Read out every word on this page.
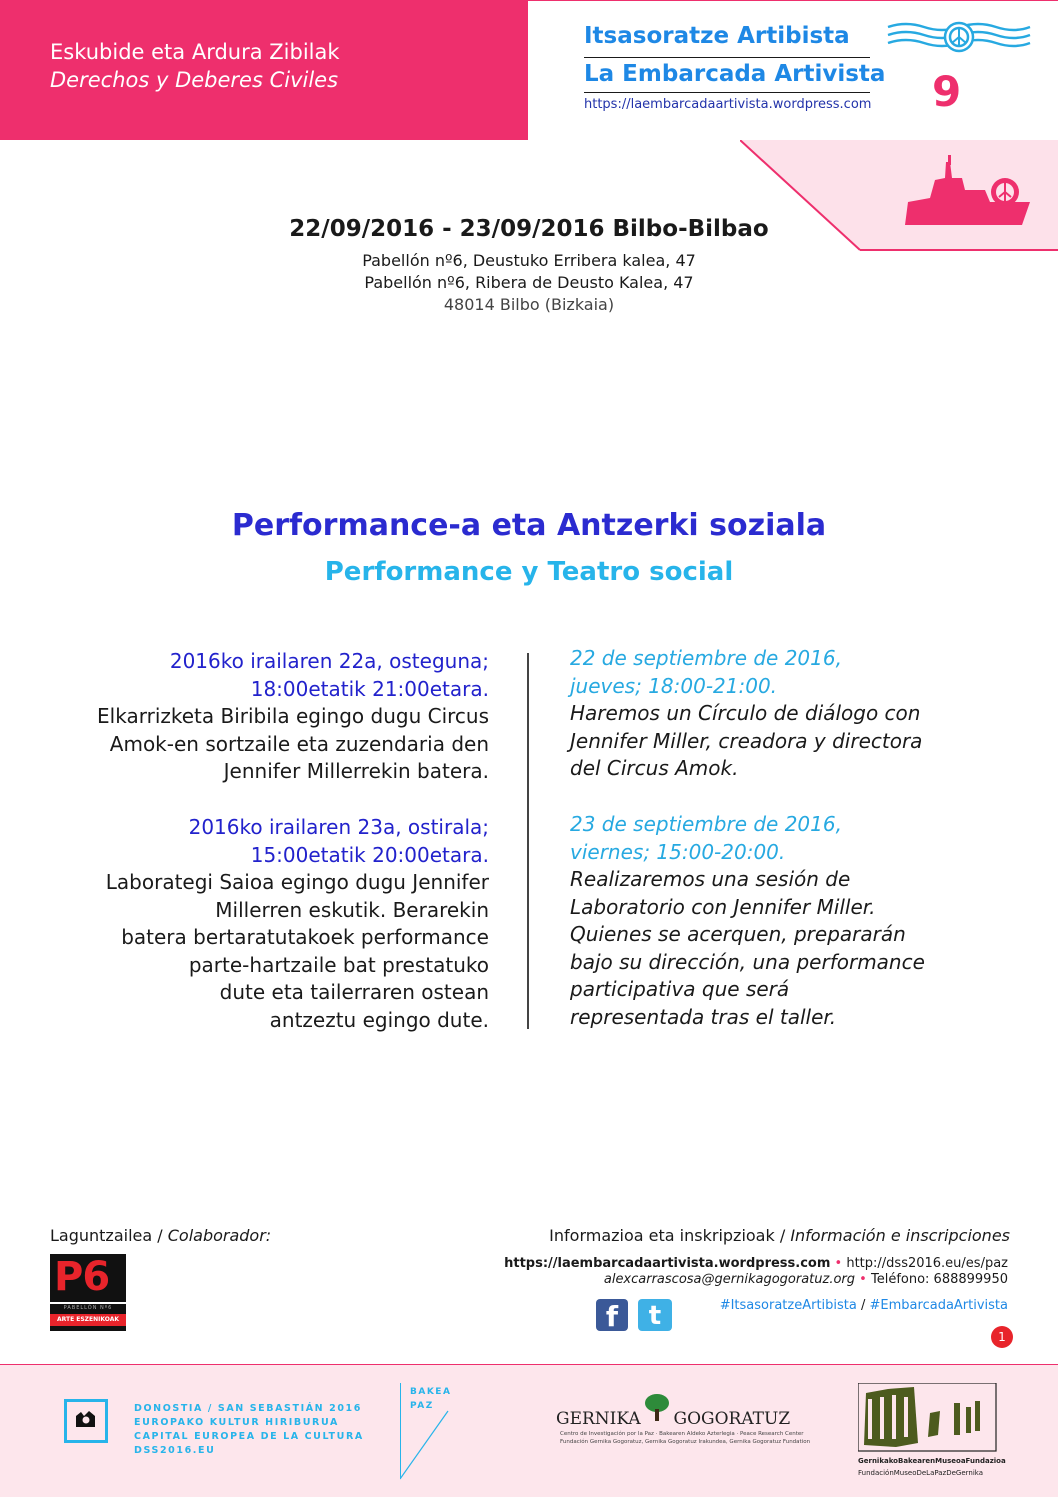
Eskubide eta Ardura Zibilak
Derechos y Deberes Civiles
Itsasoratze Artibista
La Embarcada Artivista
https://laembarcadaartivista.wordpress.com 9
22/09/2016 - 23/09/2016 Bilbo-Bilbao
Pabellón nº6, Deustuko Erribera kalea, 47
Pabellón nº6, Ribera de Deusto Kalea, 47
48014 Bilbo (Bizkaia)
Performance-a eta Antzerki soziala
Performance y Teatro social
2016ko irailaren 22a, osteguna;
18:00etatik 21:00etara.
Elkarrizketa Biribila egingo dugu Circus
Amok-en sortzaile eta zuzendaria den
Jennifer Millerrekin batera.
2016ko irailaren 23a, ostirala;
15:00etatik 20:00etara.
Laborategi Saioa egingo dugu Jennifer
Millerren eskutik. Berarekin
batera bertaratutakoek performance
parte-hartzaile bat prestatuko
dute eta tailerraren ostean
antzeztu egingo dute.
22 de septiembre de 2016,
jueves; 18:00-21:00.
Haremos un Círculo de diálogo con
Jennifer Miller, creadora y directora
del Circus Amok.
23 de septiembre de 2016,
viernes; 15:00-20:00.
Realizaremos una sesión de
Laboratorio con Jennifer Miller.
Quienes se acerquen, prepararán
bajo su dirección, una performance
participativa que será
representada tras el taller.
Laguntzailea / Colaborador:
P6
PABELLÓN Nº6
ARTE ESZENIKOAK
Informazioa eta inskripzioak / Información e inscripciones
https://laembarcadaartivista.wordpress.com • http://dss2016.eu/es/paz
alexcarrascosa@gernikagogoratuz.org • Teléfono: 688899950
f	t	#ItsasoratzeArtibista / #EmbarcadaArtivista
1
DONOSTIA / SAN SEBASTIÁN 2016
EUROPAKO KULTUR HIRIBURUA
CAPITAL EUROPEA DE LA CULTURA
DSS2016.EU
BAKEA
PAZ
GERNIKA GOGORATUZ
Centro de Investigación por la Paz · Bakearen Aldeko Azterlegia · Peace Research Center
Fundación Gernika Gogoratuz, Gernika Gogoratuz Irakundea, Gernika Gogoratuz Fundation
GernikakoBakearenMuseoaFundazioa
FundaciónMuseoDeLaPazDeGernika
